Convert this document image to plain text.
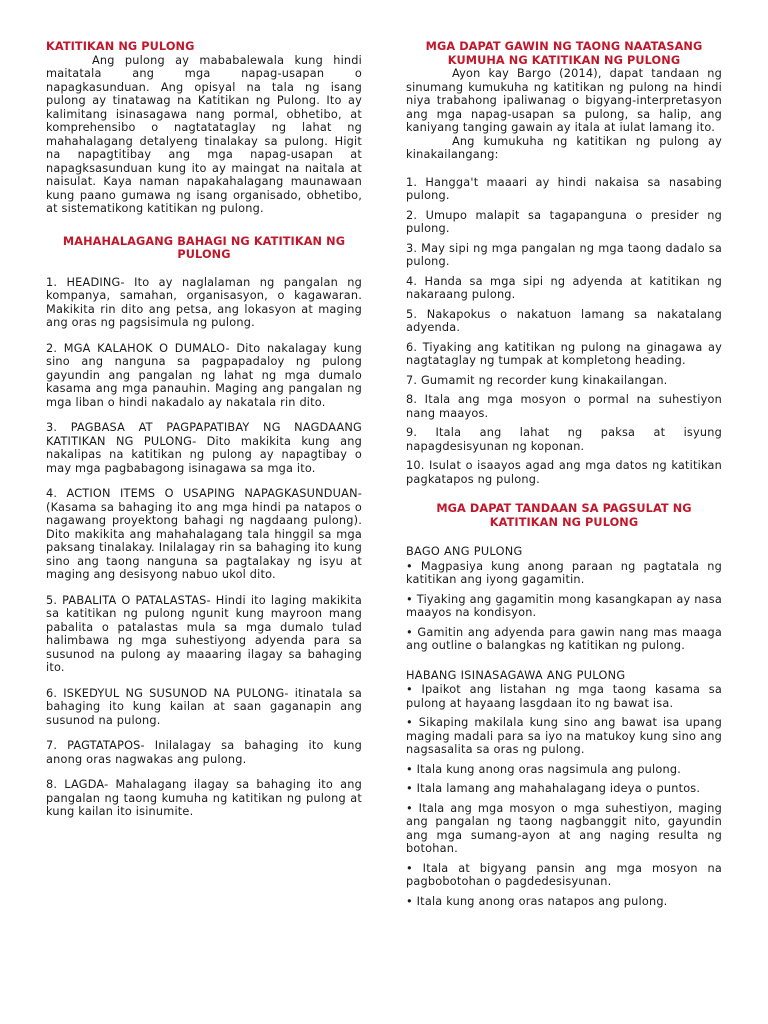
KATITIKAN NG PULONG

Ang pulong ay mababalewala kung hindi maitatala ang mga napag-usapan o napagkasunduan. Ang opisyal na tala ng isang pulong ay tinatawag na Katitikan ng Pulong. Ito ay kalimitang isinasagawa nang pormal, obhetibo, at komprehensibo o nagtatataglay ng lahat ng mahahalagang detalyeng tinalakay sa pulong. Higit na napagtitibay ang mga napag-usapan at napagksasunduan kung ito ay maingat na naitala at naisulat. Kaya naman napakahalagang maunawaan kung paano gumawa ng isang organisado, obhetibo, at sistematikong katitikan ng pulong.

MAHAHALAGANG BAHAGI NG KATITIKAN NG PULONG

1. HEADING- Ito ay naglalaman ng pangalan ng kompanya, samahan, organisasyon, o kagawaran. Makikita rin dito ang petsa, ang lokasyon at maging ang oras ng pagsisimula ng pulong.

2. MGA KALAHOK O DUMALO- Dito nakalagay kung sino ang nanguna sa pagpapadaloy ng pulong gayundin ang pangalan ng lahat ng mga dumalo kasama ang mga panauhin. Maging ang pangalan ng mga liban o hindi nakadalo ay nakatala rin dito.

3. PAGBASA AT PAGPAPATIBAY NG NAGDAANG KATITIKAN NG PULONG- Dito makikita kung ang nakalipas na katitikan ng pulong ay napagtibay o may mga pagbabagong isinagawa sa mga ito.

4. ACTION ITEMS O USAPING NAPAGKASUNDUAN- (Kasama sa bahaging ito ang mga hindi pa natapos o nagawang proyektong bahagi ng nagdaang pulong). Dito makikita ang mahahalagang tala hinggil sa mga paksang tinalakay. Inilalagay rin sa bahaging ito kung sino ang taong nanguna sa pagtalakay ng isyu at maging ang desisyong nabuo ukol dito.

5. PABALITA O PATALASTAS- Hindi ito laging makikita sa katitikan ng pulong ngunit kung mayroon mang pabalita o patalastas mula sa mga dumalo tulad halimbawa ng mga suhestiyong adyenda para sa susunod na pulong ay maaaring ilagay sa bahaging ito.

6. ISKEDYUL NG SUSUNOD NA PULONG- itinatala sa bahaging ito kung kailan at saan gaganapin ang susunod na pulong.

7. PAGTATAPOS- Inilalagay sa bahaging ito kung anong oras nagwakas ang pulong.

8. LAGDA- Mahalagang ilagay sa bahaging ito ang pangalan ng taong kumuha ng katitikan ng pulong at kung kailan ito isinumite.

MGA DAPAT GAWIN NG TAONG NAATASANG KUMUHA NG KATITIKAN NG PULONG

Ayon kay Bargo (2014), dapat tandaan ng sinumang kumukuha ng katitikan ng pulong na hindi niya trabahong ipaliwanag o bigyang-interpretasyon ang mga napag-usapan sa pulong, sa halip, ang kaniyang tanging gawain ay itala at iulat lamang ito.

Ang kumukuha ng katitikan ng pulong ay kinakailangang:

1. Hangga't maaari ay hindi nakaisa sa nasabing pulong.

2. Umupo malapit sa tagapanguna o presider ng pulong.

3. May sipi ng mga pangalan ng mga taong dadalo sa pulong.

4. Handa sa mga sipi ng adyenda at katitikan ng nakaraang pulong.

5. Nakapokus o nakatuon lamang sa nakatalang adyenda.

6. Tiyaking ang katitikan ng pulong na ginagawa ay nagtataglay ng tumpak at kompletong heading.

7. Gumamit ng recorder kung kinakailangan.

8. Itala ang mga mosyon o pormal na suhestiyon nang maayos.

9. Itala ang lahat ng paksa at isyung napagdesisyunan ng koponan.

10. Isulat o isaayos agad ang mga datos ng katitikan pagkatapos ng pulong.

MGA DAPAT TANDAAN SA PAGSULAT NG KATITIKAN NG PULONG

BAGO ANG PULONG

• Magpasiya kung anong paraan ng pagtatala ng katitikan ang iyong gagamitin.

• Tiyaking ang gagamitin mong kasangkapan ay nasa maayos na kondisyon.

• Gamitin ang adyenda para gawin nang mas maaga ang outline o balangkas ng katitikan ng pulong.

HABANG ISINASAGAWA ANG PULONG

• Ipaikot ang listahan ng mga taong kasama sa pulong at hayaang lasgdaan ito ng bawat isa.

• Sikaping makilala kung sino ang bawat isa upang maging madali para sa iyo na matukoy kung sino ang nagsasalita sa oras ng pulong.

• Itala kung anong oras nagsimula ang pulong.

• Itala lamang ang mahahalagang ideya o puntos.

• Itala ang mga mosyon o mga suhestiyon, maging ang pangalan ng taong nagbanggit nito, gayundin ang mga sumang-ayon at ang naging resulta ng botohan.

• Itala at bigyang pansin ang mga mosyon na pagbobotohan o pagdedesisyunan.

• Itala kung anong oras natapos ang pulong.
